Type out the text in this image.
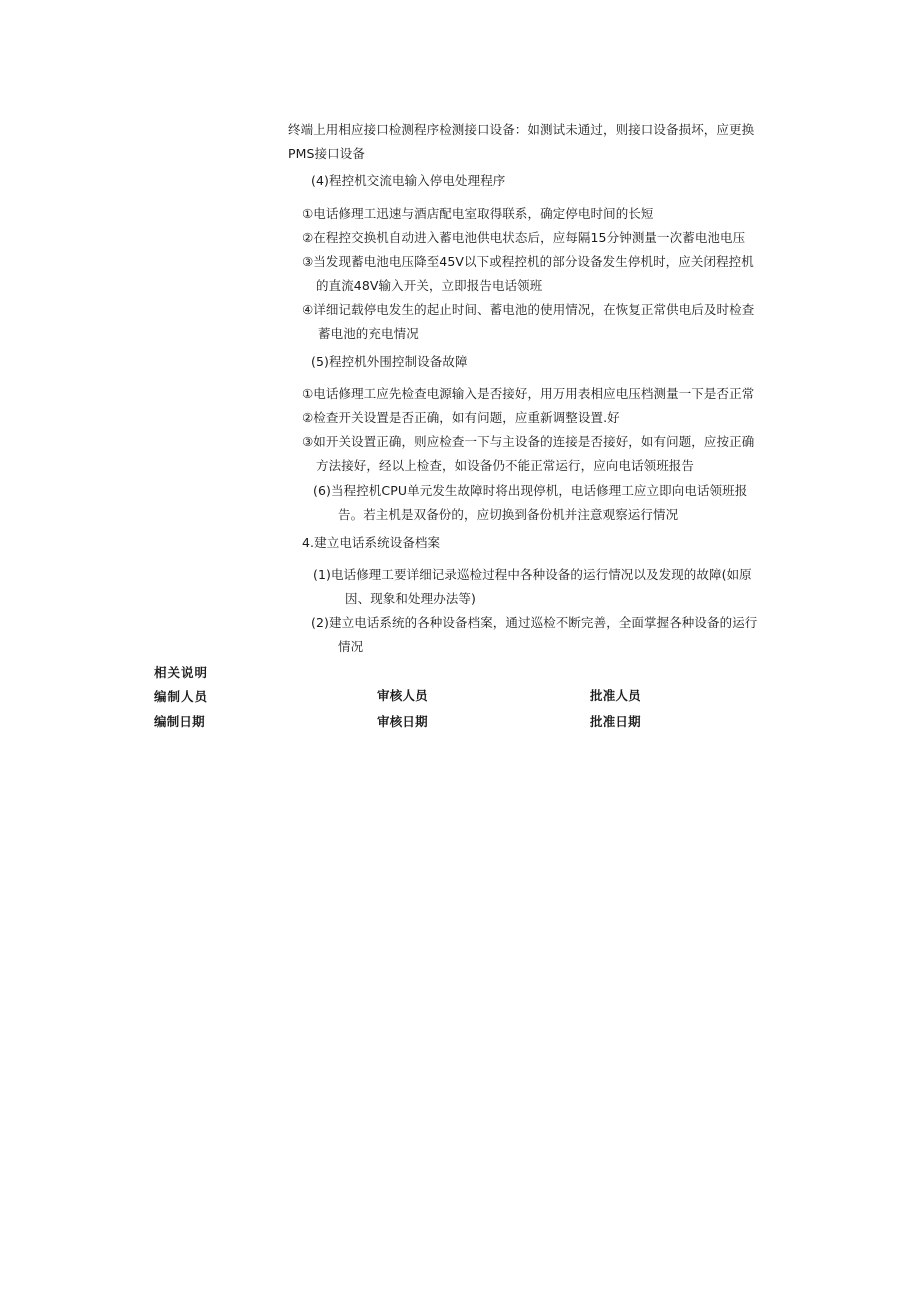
终端上用相应接口检测程序检测接口设备：如测试未通过，则接口设备损坏，应更换
PMS接口设备
(4)程控机交流电输入停电处理程序
①电话修理工迅速与酒店配电室取得联系，确定停电时间的长短
②在程控交换机自动进入蓄电池供电状态后，应每隔15分钟测量一次蓄电池电压
③当发现蓄电池电压降至45V以下或程控机的部分设备发生停机时，应关闭程控机
的直流48V输入开关，立即报告电话领班
④详细记载停电发生的起止时间、蓄电池的使用情况，在恢复正常供电后及时检查
蓄电池的充电情况
(5)程控机外围控制设备故障
①电话修理工应先检查电源输入是否接好，用万用表相应电压档测量一下是否正常
②检查开关设置是否正确，如有问题，应重新调整设置.好
③如开关设置正确，则应检查一下与主设备的连接是否接好，如有问题，应按正确
方法接好，经以上检查，如设备仍不能正常运行，应向电话领班报告
(6)当程控机CPU单元发生故障时将出现停机，电话修理工应立即向电话领班报
告。若主机是双备份的，应切换到备份机并注意观察运行情况
4.建立电话系统设备档案
(1)电话修理工要详细记录巡检过程中各种设备的运行情况以及发现的故障(如原
因、现象和处理办法等)
(2)建立电话系统的各种设备档案，通过巡检不断完善，全面掌握各种设备的运行
情况
相关说明
编制人员	审核人员	批准人员
编制日期	审核日期	批准日期
